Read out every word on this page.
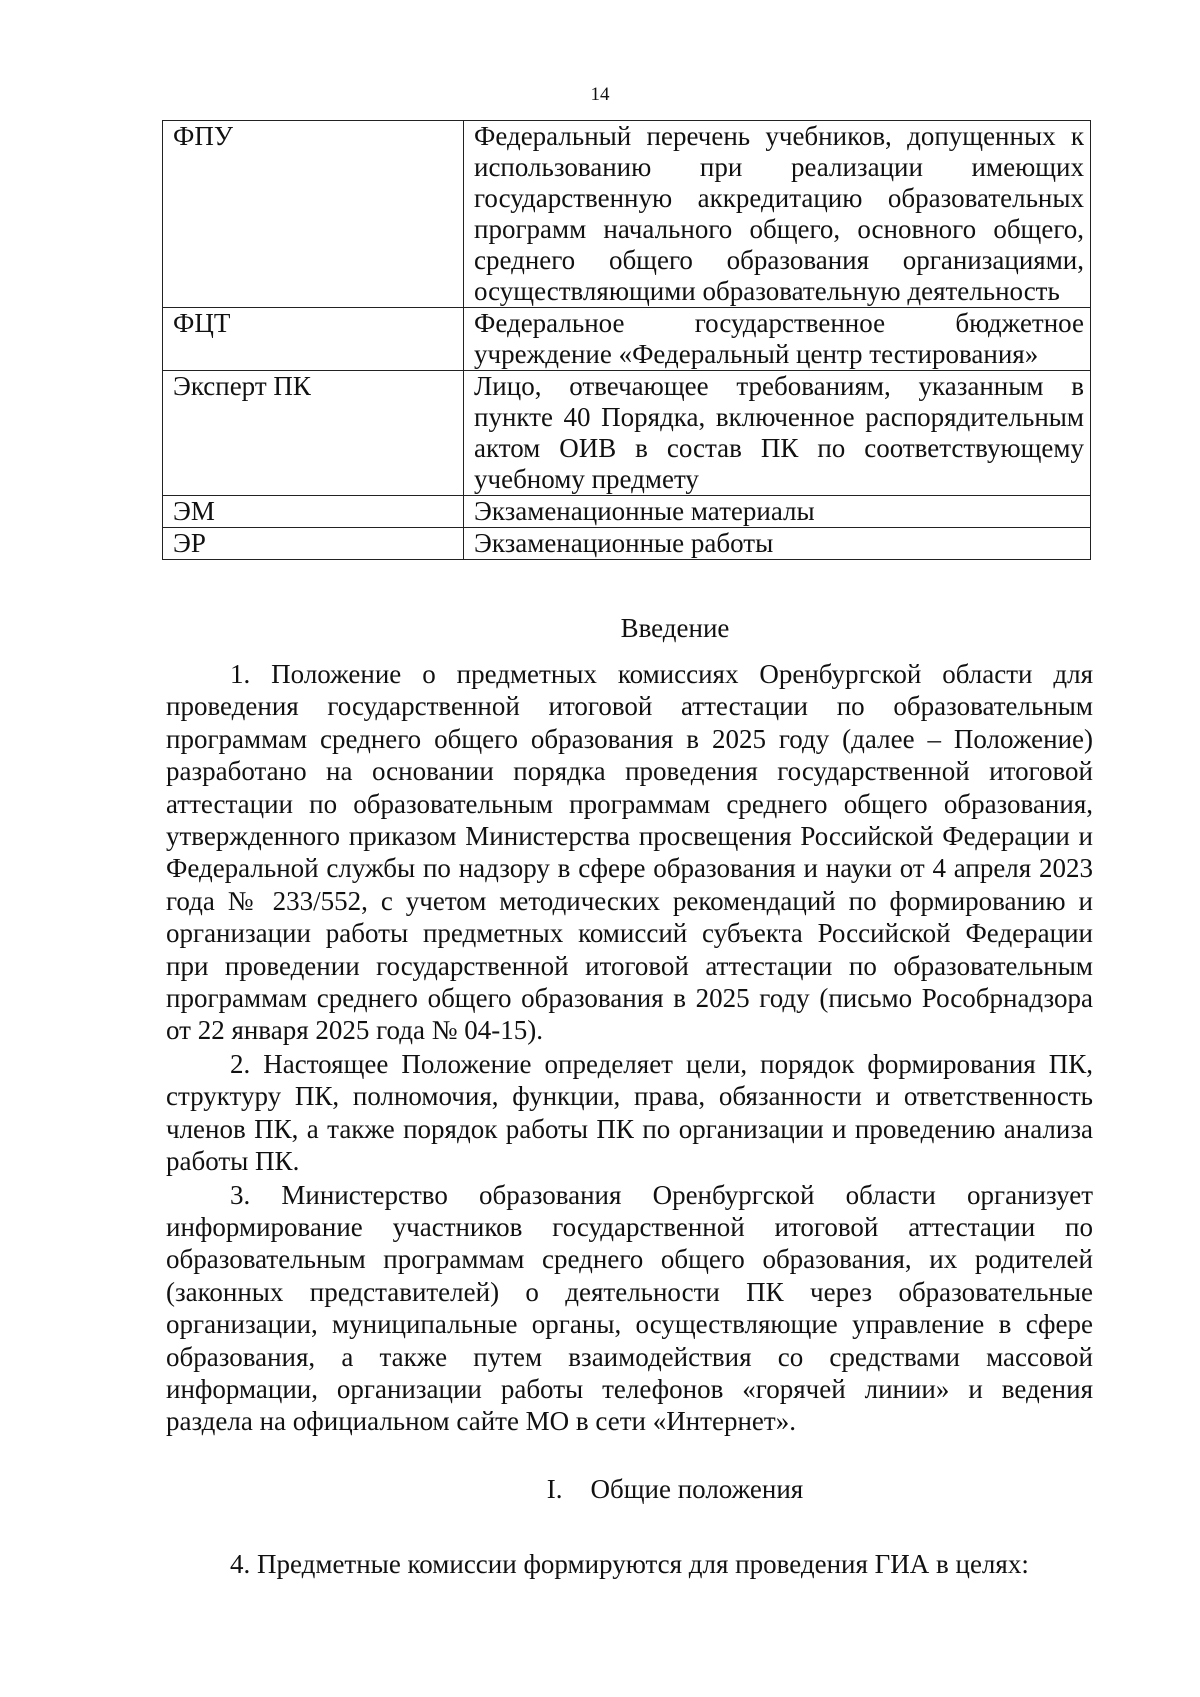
14
ФПУ	Федеральный перечень учебников, допущенных к использованию при реализации имеющих государственную аккредитацию образовательных программ начального общего, основного общего, среднего общего образования организациями, осуществляющими образовательную деятельность
ФЦТ	Федеральное государственное бюджетное учреждение «Федеральный центр тестирования»
Эксперт ПК	Лицо, отвечающее требованиям, указанным в пункте 40 Порядка, включенное распорядительным актом ОИВ в состав ПК по соответствующему учебному предмету
ЭМ	Экзаменационные материалы
ЭР	Экзаменационные работы
Введение

1. Положение о предметных комиссиях Оренбургской области для проведения государственной итоговой аттестации по образовательным программам среднего общего образования в 2025 году (далее – Положение) разработано на основании порядка проведения государственной итоговой аттестации по образовательным программам среднего общего образования, утвержденного приказом Министерства просвещения Российской Федерации и Федеральной службы по надзору в сфере образования и науки от 4 апреля 2023 года № 233/552, с учетом методических рекомендаций по формированию и организации работы предметных комиссий субъекта Российской Федерации при проведении государственной итоговой аттестации по образовательным программам среднего общего образования в 2025 году (письмо Рособрнадзора от 22 января 2025 года № 04-15).

2. Настоящее Положение определяет цели, порядок формирования ПК, структуру ПК, полномочия, функции, права, обязанности и ответственность членов ПК, а также порядок работы ПК по организации и проведению анализа работы ПК.

3. Министерство образования Оренбургской области организует информирование участников государственной итоговой аттестации по образовательным программам среднего общего образования, их родителей (законных представителей) о деятельности ПК через образовательные организации, муниципальные органы, осуществляющие управление в сфере образования, а также путем взаимодействия со средствами массовой информации, организации работы телефонов «горячей линии» и ведения раздела на официальном сайте МО в сети «Интернет».

I. Общие положения

4. Предметные комиссии формируются для проведения ГИА в целях:
